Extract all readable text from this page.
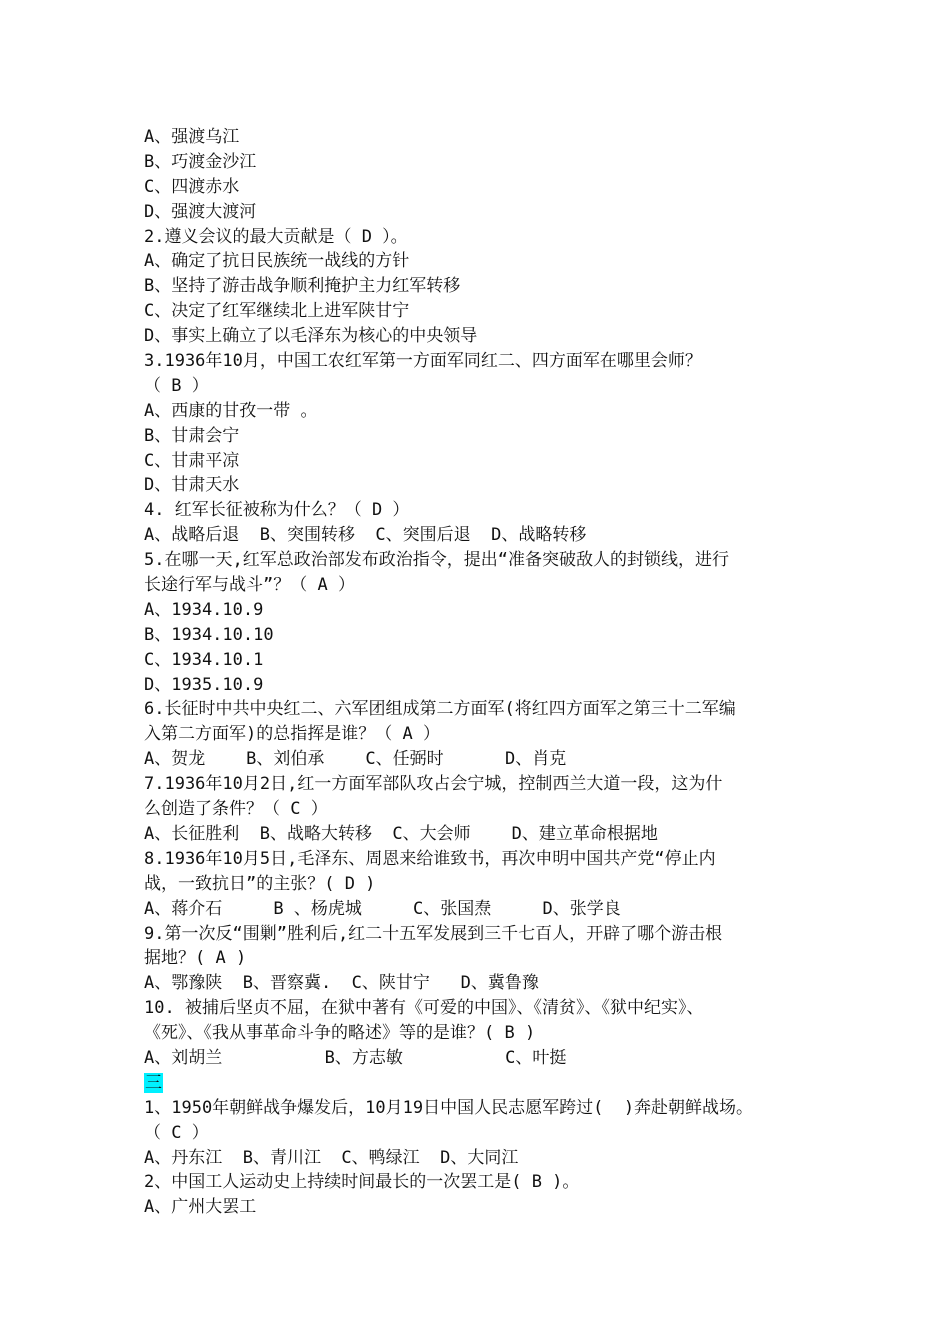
A、强渡乌江
B、巧渡金沙江
C、四渡赤水
D、强渡大渡河
2.遵义会议的最大贡献是（ D ）。
A、确定了抗日民族统一战线的方针
B、坚持了游击战争顺利掩护主力红军转移
C、决定了红军继续北上进军陕甘宁
D、事实上确立了以毛泽东为核心的中央领导
3.1936年10月，中国工农红军第一方面军同红二、四方面军在哪里会师？
（ B ）
A、西康的甘孜一带 。
B、甘肃会宁
C、甘肃平凉
D、甘肃天水
4. 红军长征被称为什么？（ D ）
A、战略后退  B、突围转移  C、突围后退  D、战略转移
5.在哪一天,红军总政治部发布政治指令，提出“准备突破敌人的封锁线，进行
长途行军与战斗”？（ A ）
A、1934.10.9
B、1934.10.10
C、1934.10.1
D、1935.10.9
6.长征时中共中央红二、六军团组成第二方面军(将红四方面军之第三十二军编
入第二方面军)的总指挥是谁？（ A ）
A、贺龙    B、刘伯承    C、任弼时      D、肖克
7.1936年10月2日,红一方面军部队攻占会宁城，控制西兰大道一段，这为什
么创造了条件？（ C ）
A、长征胜利  B、战略大转移  C、大会师    D、建立革命根据地
8.1936年10月5日,毛泽东、周恩来给谁致书，再次申明中国共产党“停止内
战，一致抗日”的主张？( D )
A、蒋介石     B 、杨虎城     C、张国焘     D、张学良
9.第一次反“围剿”胜利后,红二十五军发展到三千七百人，开辟了哪个游击根
据地？( A )
A、鄂豫陕  B、晋察冀.  C、陕甘宁   D、冀鲁豫
10. 被捕后坚贞不屈，在狱中著有《可爱的中国》、《清贫》、《狱中纪实》、
《死》、《我从事革命斗争的略述》等的是谁？( B )
A、刘胡兰          B、方志敏          C、叶挺
三
1、1950年朝鲜战争爆发后，10月19日中国人民志愿军跨过(  )奔赴朝鲜战场。
（ C ）
A、丹东江  B、青川江  C、鸭绿江  D、大同江
2、中国工人运动史上持续时间最长的一次罢工是( B )。
A、广州大罢工
